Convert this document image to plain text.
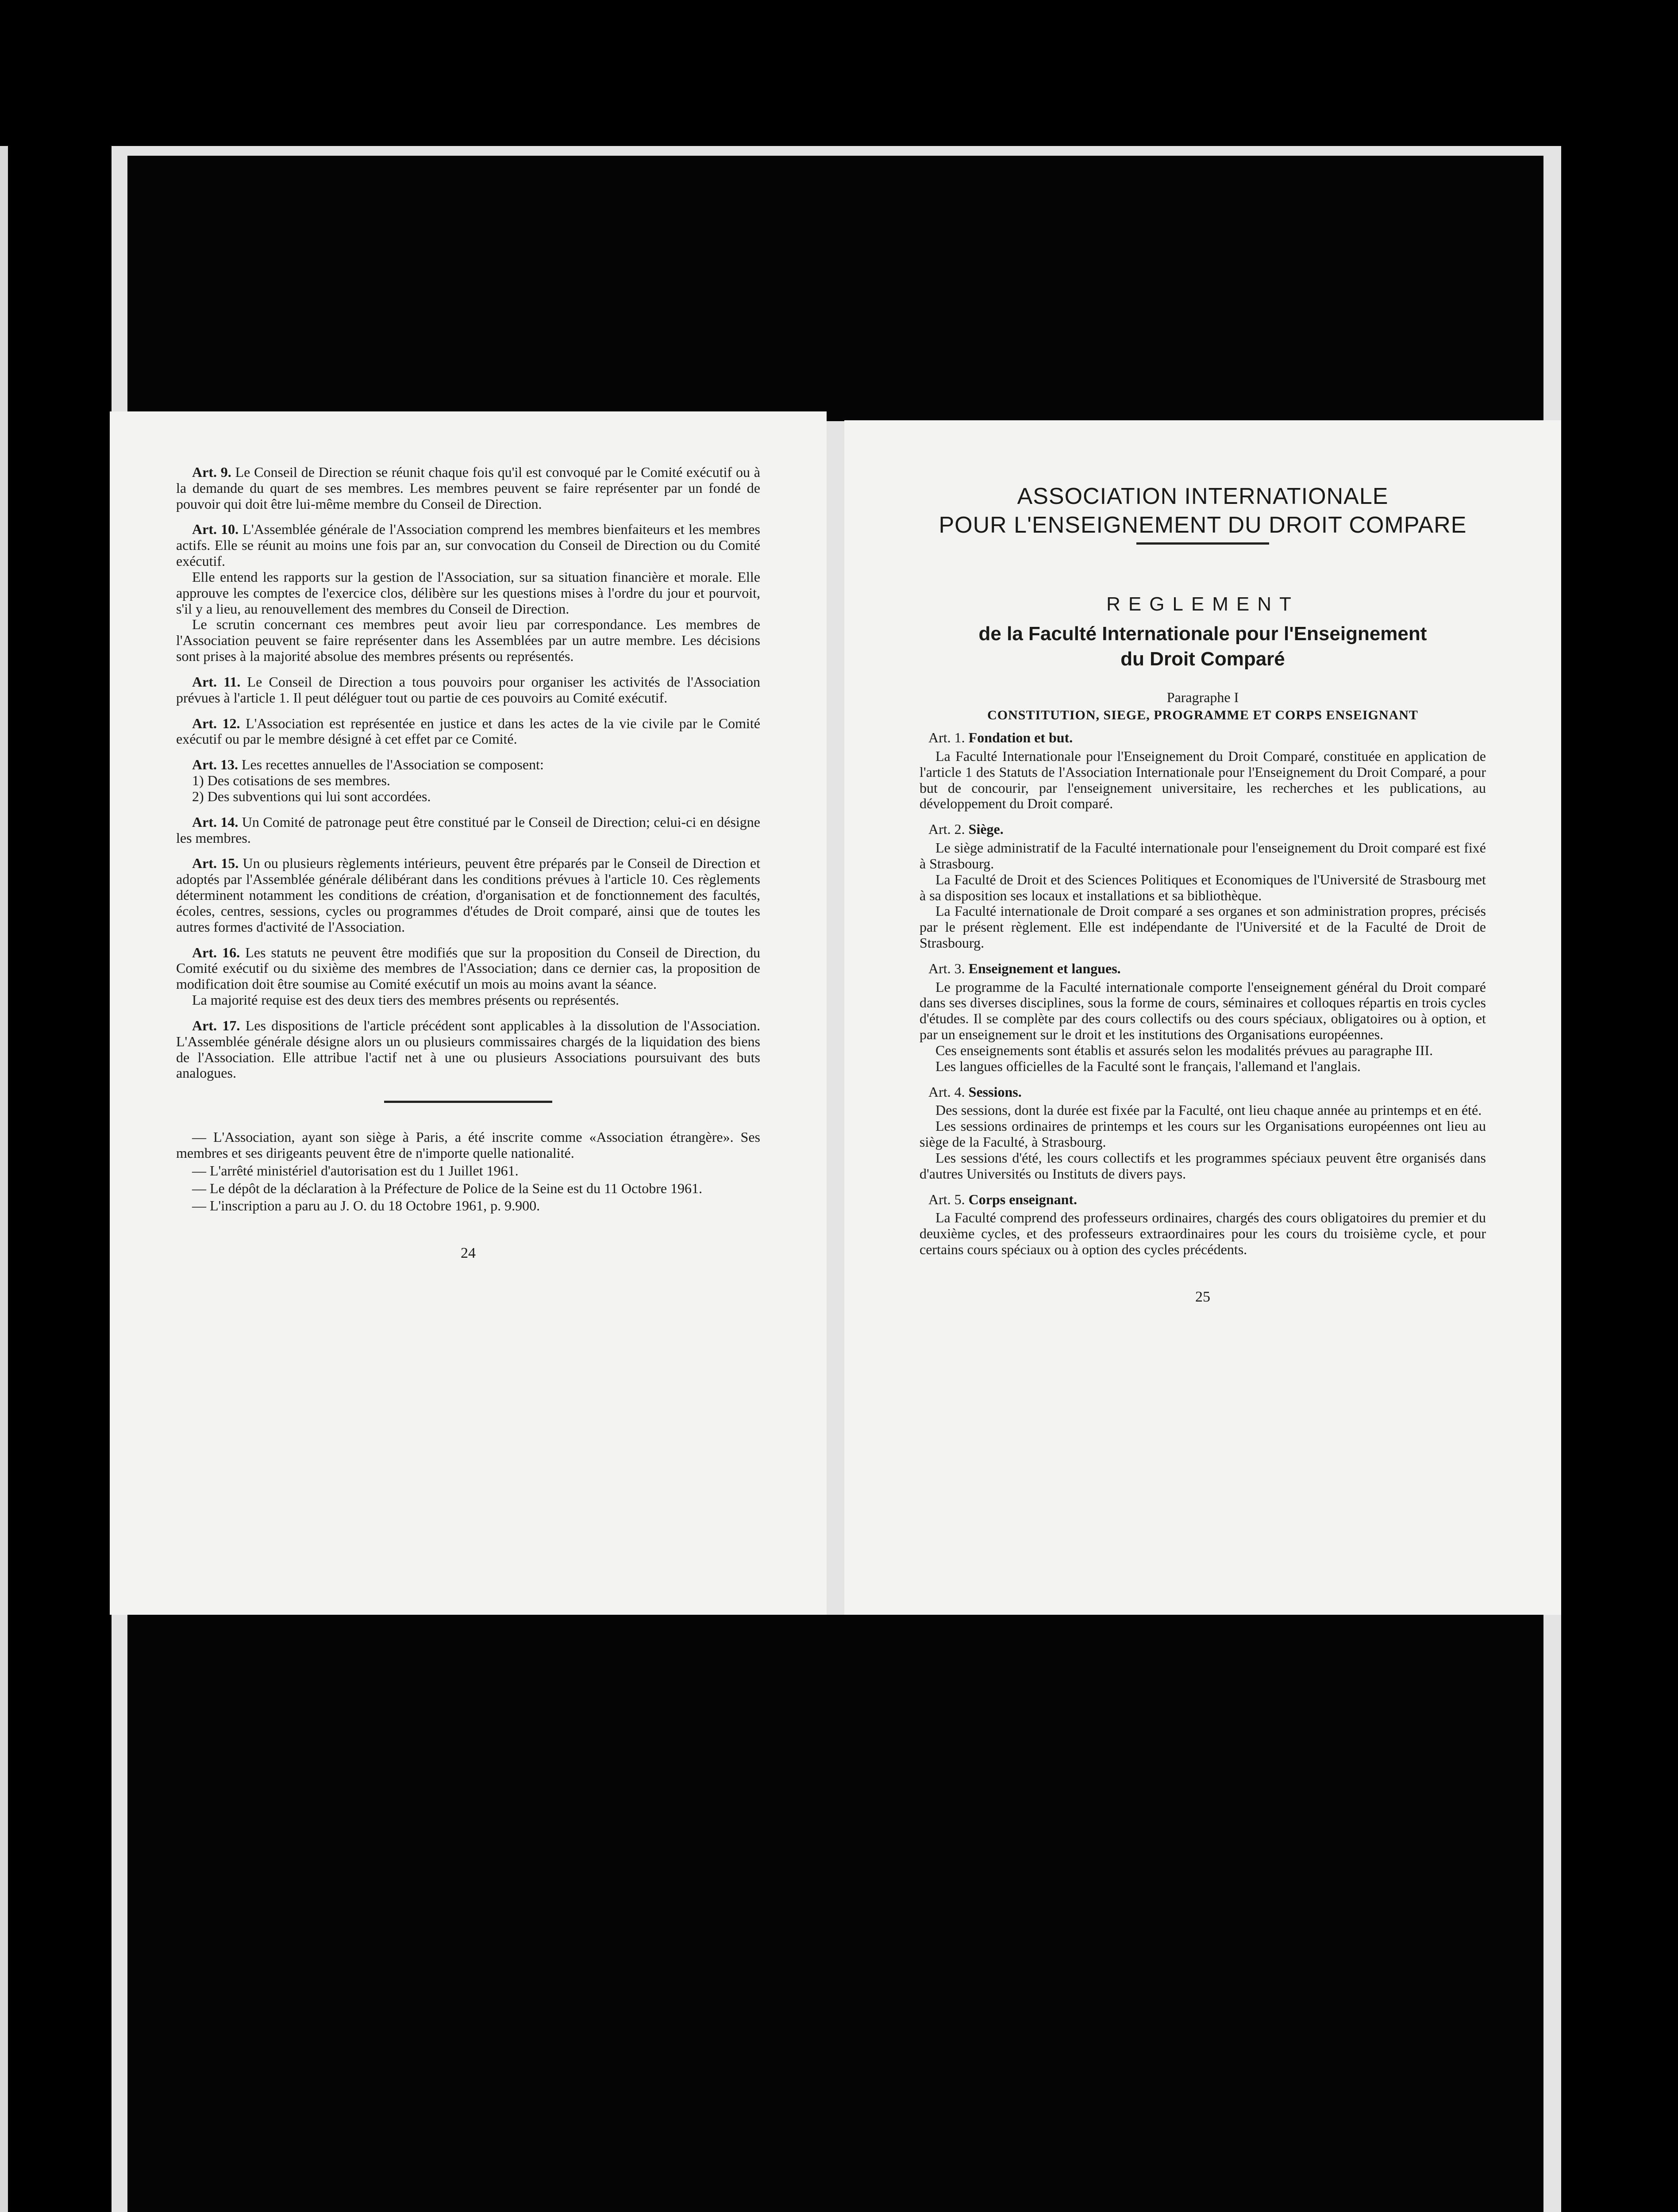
Art. 9. Le Conseil de Direction se réunit chaque fois qu'il est convoqué par le Comité exécutif ou à la demande du quart de ses membres. Les membres peuvent se faire représenter par un fondé de pouvoir qui doit être lui-même membre du Conseil de Direction.

Art. 10. L'Assemblée générale de l'Association comprend les membres bienfaiteurs et les membres actifs. Elle se réunit au moins une fois par an, sur convocation du Conseil de Direction ou du Comité exécutif.

Elle entend les rapports sur la gestion de l'Association, sur sa situation financière et morale. Elle approuve les comptes de l'exercice clos, délibère sur les questions mises à l'ordre du jour et pourvoit, s'il y a lieu, au renouvellement des membres du Conseil de Direction.

Le scrutin concernant ces membres peut avoir lieu par correspondance. Les membres de l'Association peuvent se faire représenter dans les Assemblées par un autre membre. Les décisions sont prises à la majorité absolue des membres présents ou représentés.

Art. 11. Le Conseil de Direction a tous pouvoirs pour organiser les activités de l'Association prévues à l'article 1. Il peut déléguer tout ou partie de ces pouvoirs au Comité exécutif.

Art. 12. L'Association est représentée en justice et dans les actes de la vie civile par le Comité exécutif ou par le membre désigné à cet effet par ce Comité.

Art. 13. Les recettes annuelles de l'Association se composent:

1) Des cotisations de ses membres.

2) Des subventions qui lui sont accordées.

Art. 14. Un Comité de patronage peut être constitué par le Conseil de Direction; celui-ci en désigne les membres.

Art. 15. Un ou plusieurs règlements intérieurs, peuvent être préparés par le Conseil de Direction et adoptés par l'Assemblée générale délibérant dans les conditions prévues à l'article 10. Ces règlements déterminent notamment les conditions de création, d'organisation et de fonctionnement des facultés, écoles, centres, sessions, cycles ou programmes d'études de Droit comparé, ainsi que de toutes les autres formes d'activité de l'Association.

Art. 16. Les statuts ne peuvent être modifiés que sur la proposition du Conseil de Direction, du Comité exécutif ou du sixième des membres de l'Association; dans ce dernier cas, la proposition de modification doit être soumise au Comité exécutif un mois au moins avant la séance.

La majorité requise est des deux tiers des membres présents ou représentés.

Art. 17. Les dispositions de l'article précédent sont applicables à la dissolution de l'Association. L'Assemblée générale désigne alors un ou plusieurs commissaires chargés de la liquidation des biens de l'Association. Elle attribue l'actif net à une ou plusieurs Associations poursuivant des buts analogues.

— L'Association, ayant son siège à Paris, a été inscrite comme «Association étrangère». Ses membres et ses dirigeants peuvent être de n'importe quelle nationalité.

— L'arrêté ministériel d'autorisation est du 1 Juillet 1961.

— Le dépôt de la déclaration à la Préfecture de Police de la Seine est du 11 Octobre 1961.

— L'inscription a paru au J. O. du 18 Octobre 1961, p. 9.900.

24
ASSOCIATION INTERNATIONALE
POUR L'ENSEIGNEMENT DU DROIT COMPARE
REGLEMENT
de la Faculté Internationale pour l'Enseignement
du Droit Comparé
Paragraphe I
CONSTITUTION, SIEGE, PROGRAMME ET CORPS ENSEIGNANT
Art. 1. Fondation et but.

La Faculté Internationale pour l'Enseignement du Droit Comparé, constituée en application de l'article 1 des Statuts de l'Association Internationale pour l'Enseignement du Droit Comparé, a pour but de concourir, par l'enseignement universitaire, les recherches et les publications, au développement du Droit comparé.

Art. 2. Siège.

Le siège administratif de la Faculté internationale pour l'enseignement du Droit comparé est fixé à Strasbourg.

La Faculté de Droit et des Sciences Politiques et Economiques de l'Université de Strasbourg met à sa disposition ses locaux et installations et sa bibliothèque.

La Faculté internationale de Droit comparé a ses organes et son administration propres, précisés par le présent règlement. Elle est indépendante de l'Université et de la Faculté de Droit de Strasbourg.

Art. 3. Enseignement et langues.

Le programme de la Faculté internationale comporte l'enseignement général du Droit comparé dans ses diverses disciplines, sous la forme de cours, séminaires et colloques répartis en trois cycles d'études. Il se complète par des cours collectifs ou des cours spéciaux, obligatoires ou à option, et par un enseignement sur le droit et les institutions des Organisations européennes.

Ces enseignements sont établis et assurés selon les modalités prévues au paragraphe III.

Les langues officielles de la Faculté sont le français, l'allemand et l'anglais.

Art. 4. Sessions.

Des sessions, dont la durée est fixée par la Faculté, ont lieu chaque année au printemps et en été.

Les sessions ordinaires de printemps et les cours sur les Organisations européennes ont lieu au siège de la Faculté, à Strasbourg.

Les sessions d'été, les cours collectifs et les programmes spéciaux peuvent être organisés dans d'autres Universités ou Instituts de divers pays.

Art. 5. Corps enseignant.

La Faculté comprend des professeurs ordinaires, chargés des cours obligatoires du premier et du deuxième cycles, et des professeurs extraordinaires pour les cours du troisième cycle, et pour certains cours spéciaux ou à option des cycles précédents.

25
